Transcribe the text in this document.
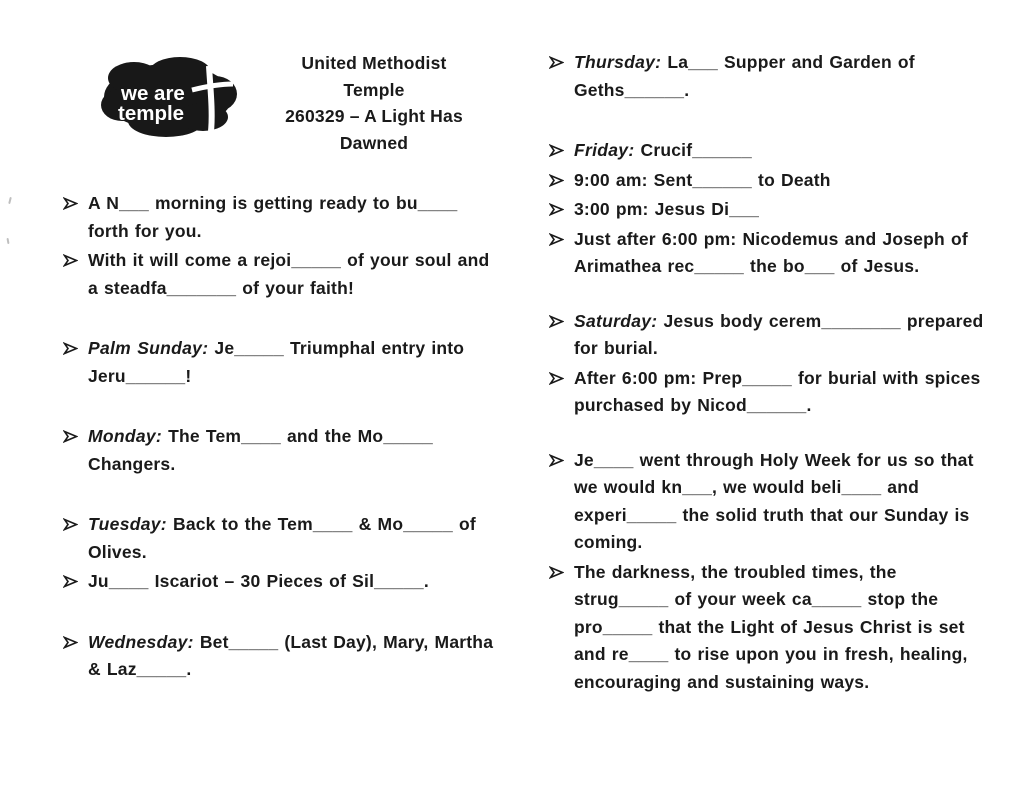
we are
temple
United Methodist
Temple
260329 – A Light Has
Dawned

A N___ morning is getting ready to bu____ forth for you.

With it will come a rejoi_____ of your soul and a steadfa_______ of your faith!

Palm Sunday: Je_____ Triumphal entry into Jeru______!

Monday: The Tem____ and the Mo_____ Changers.

Tuesday: Back to the Tem____ & Mo_____ of Olives.

Ju____ Iscariot – 30 Pieces of Sil_____.

Wednesday: Bet_____ (Last Day), Mary, Martha & Laz_____.

Thursday: La___ Supper and Garden of Geths______.

Friday: Crucif______

9:00 am: Sent______ to Death

3:00 pm: Jesus Di___

Just after 6:00 pm: Nicodemus and Joseph of Arimathea rec_____ the bo___ of Jesus.

Saturday: Jesus body cerem________ prepared for burial.

After 6:00 pm: Prep_____ for burial with spices purchased by Nicod______.

Je____ went through Holy Week for us so that we would kn___, we would beli____ and experi_____ the solid truth that our Sunday is coming.

The darkness, the troubled times, the strug_____ of your week ca_____ stop the pro_____ that the Light of Jesus Christ is set and re____ to rise upon you in fresh, healing, encouraging and sustaining ways.
